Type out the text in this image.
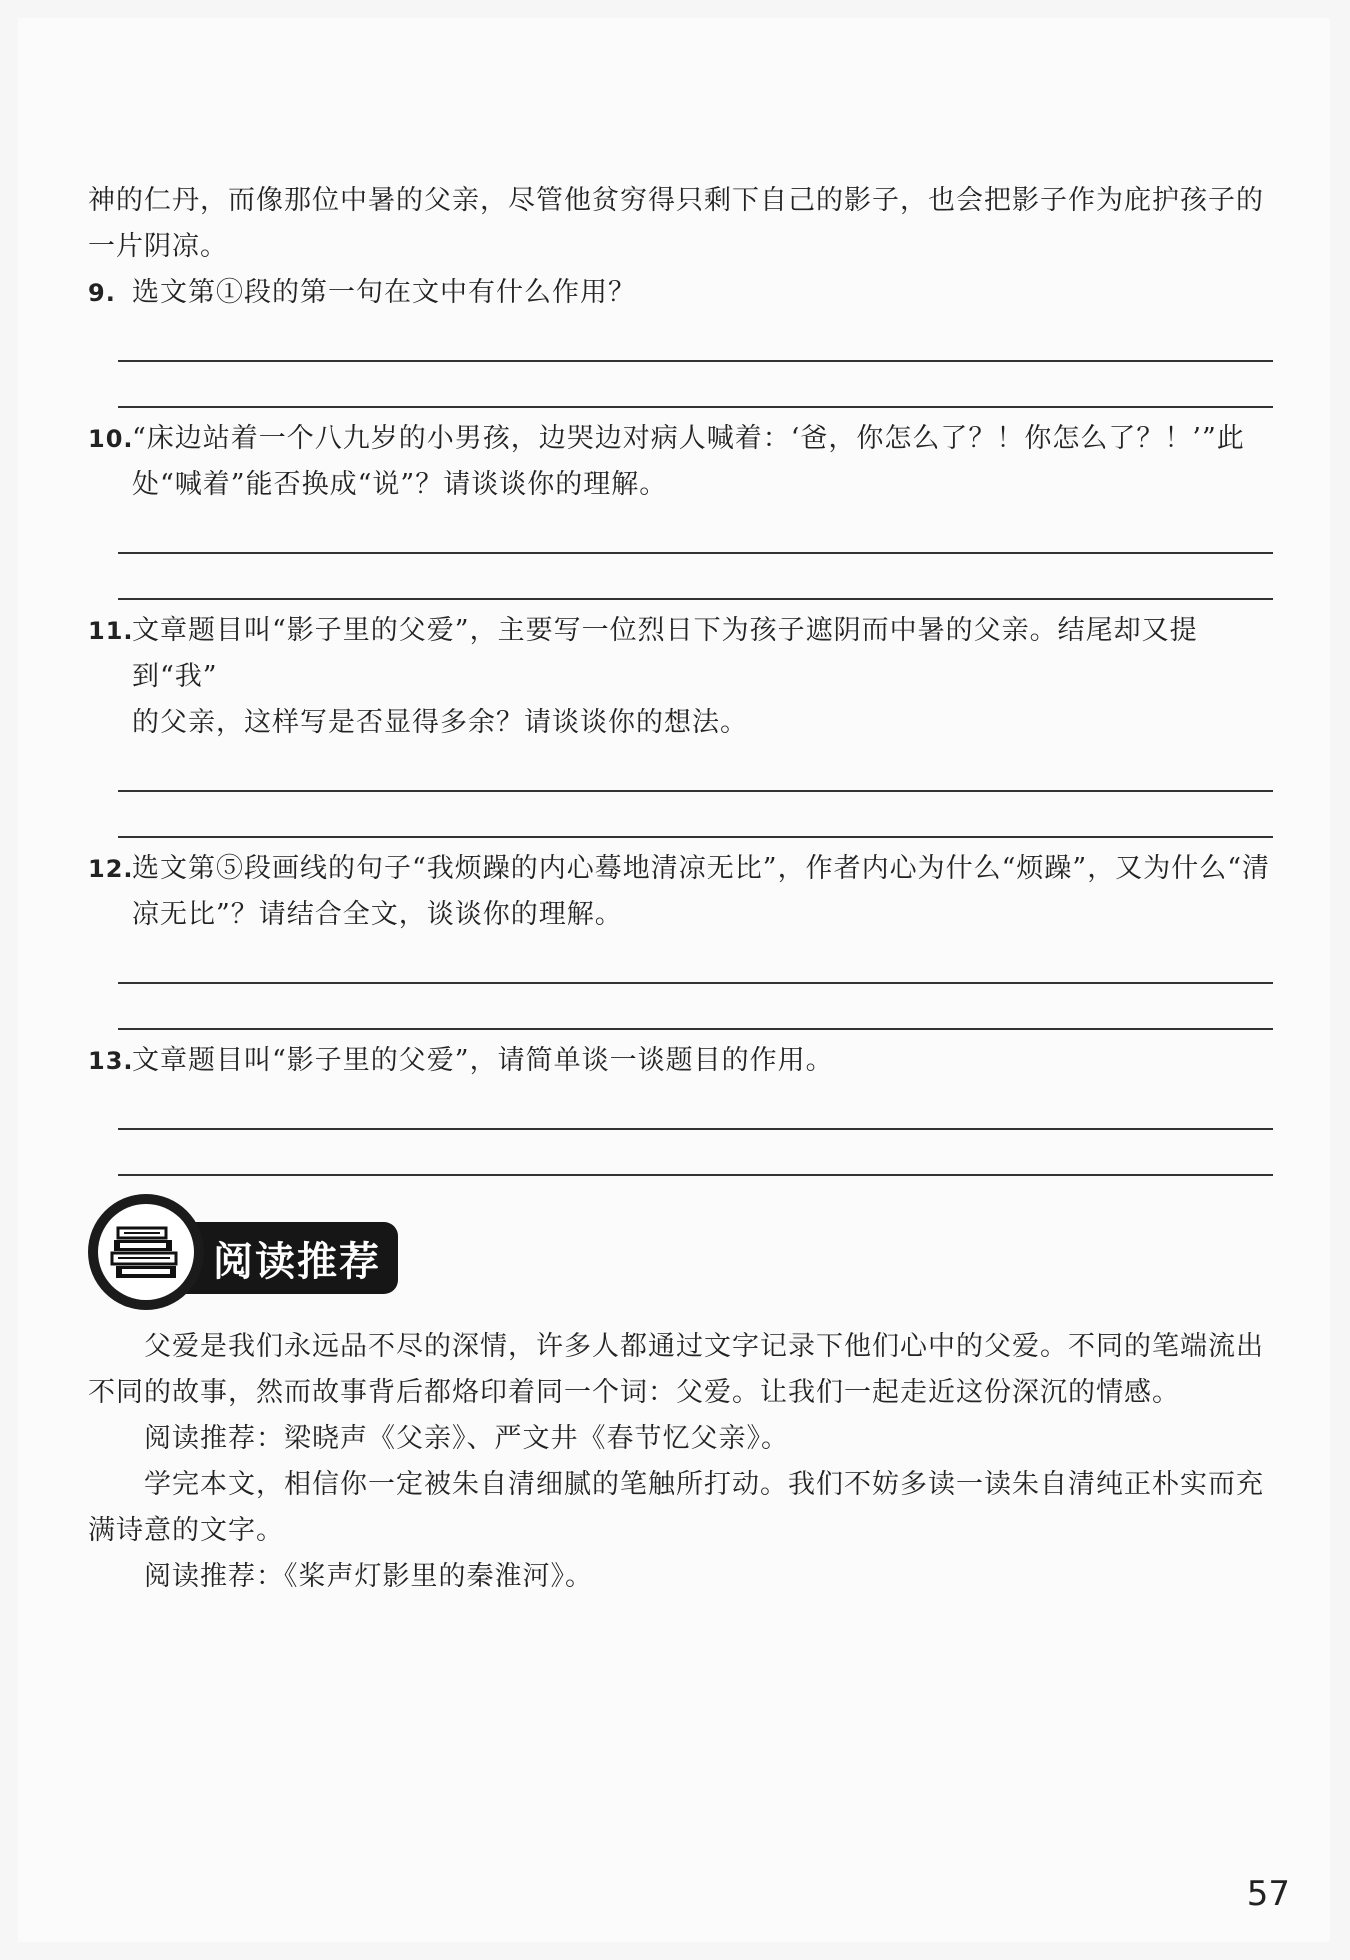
神的仁丹，而像那位中暑的父亲，尽管他贫穷得只剩下自己的影子，也会把影子作为庇护孩子的

一片阴凉。

9. 选文第①段的第一句在文中有什么作用？
10.
“床边站着一个八九岁的小男孩，边哭边对病人喊着：‘爸，你怎么了？！你怎么了？！’”此
处“喊着”能否换成“说”？请谈谈你的理解。
11.
文章题目叫“影子里的父爱”，主要写一位烈日下为孩子遮阴而中暑的父亲。结尾却又提到“我”
的父亲，这样写是否显得多余？请谈谈你的想法。
12.
选文第⑤段画线的句子“我烦躁的内心蓦地清凉无比”，作者内心为什么“烦躁”，又为什么“清
凉无比”？请结合全文，谈谈你的理解。
13.
文章题目叫“影子里的父爱”，请简单谈一谈题目的作用。
阅读推荐

父爱是我们永远品不尽的深情，许多人都通过文字记录下他们心中的父爱。不同的笔端流出

不同的故事，然而故事背后都烙印着同一个词：父爱。让我们一起走近这份深沉的情感。

阅读推荐：梁晓声《父亲》、严文井《春节忆父亲》。

学完本文，相信你一定被朱自清细腻的笔触所打动。我们不妨多读一读朱自清纯正朴实而充

满诗意的文字。

阅读推荐：《桨声灯影里的秦淮河》。

57
